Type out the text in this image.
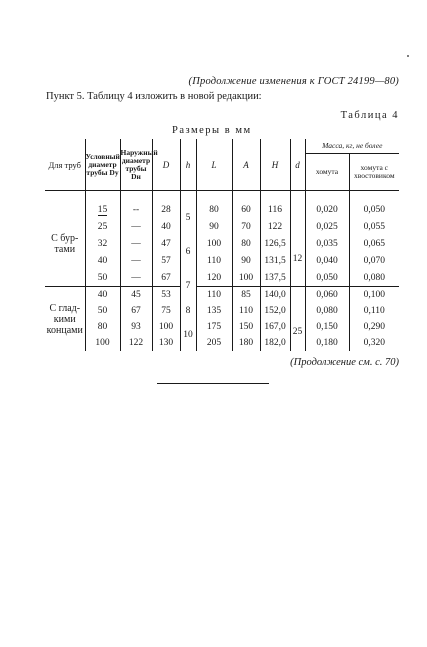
(Продолжение изменения к ГОСТ 24199—80)
Пункт 5. Таблицу 4 изложить в новой редакции:
Таблица 4
Размеры в мм
Для труб	Условный диаметр трубы Dу	Наружный диаметр трубы Dн	D	h	L	A	H	d	Масса, кг, не более	
									хомута	хомута с хвостовиком
С бур-тами	15	--	28	5	80	60	116	12	0,020	0,050
	25	—	40		90	70	122		0,025	0,055
	32	—	47	6	100	80	126,5		0,035	0,065
	40	—	57		110	90	131,5		0,040	0,070
	50	—	67	7	120	100	137,5		0,050	0,080
С глад-кими концами	40	45	53		110	85	140,0	25	0,060	0,100
	50	67	75	8	135	110	152,0		0,080	0,110
	80	93	100	10	175	150	167,0		0,150	0,290
	100	122	130		205	180	182,0		0,180	0,320
(Продолжение см. с. 70)
